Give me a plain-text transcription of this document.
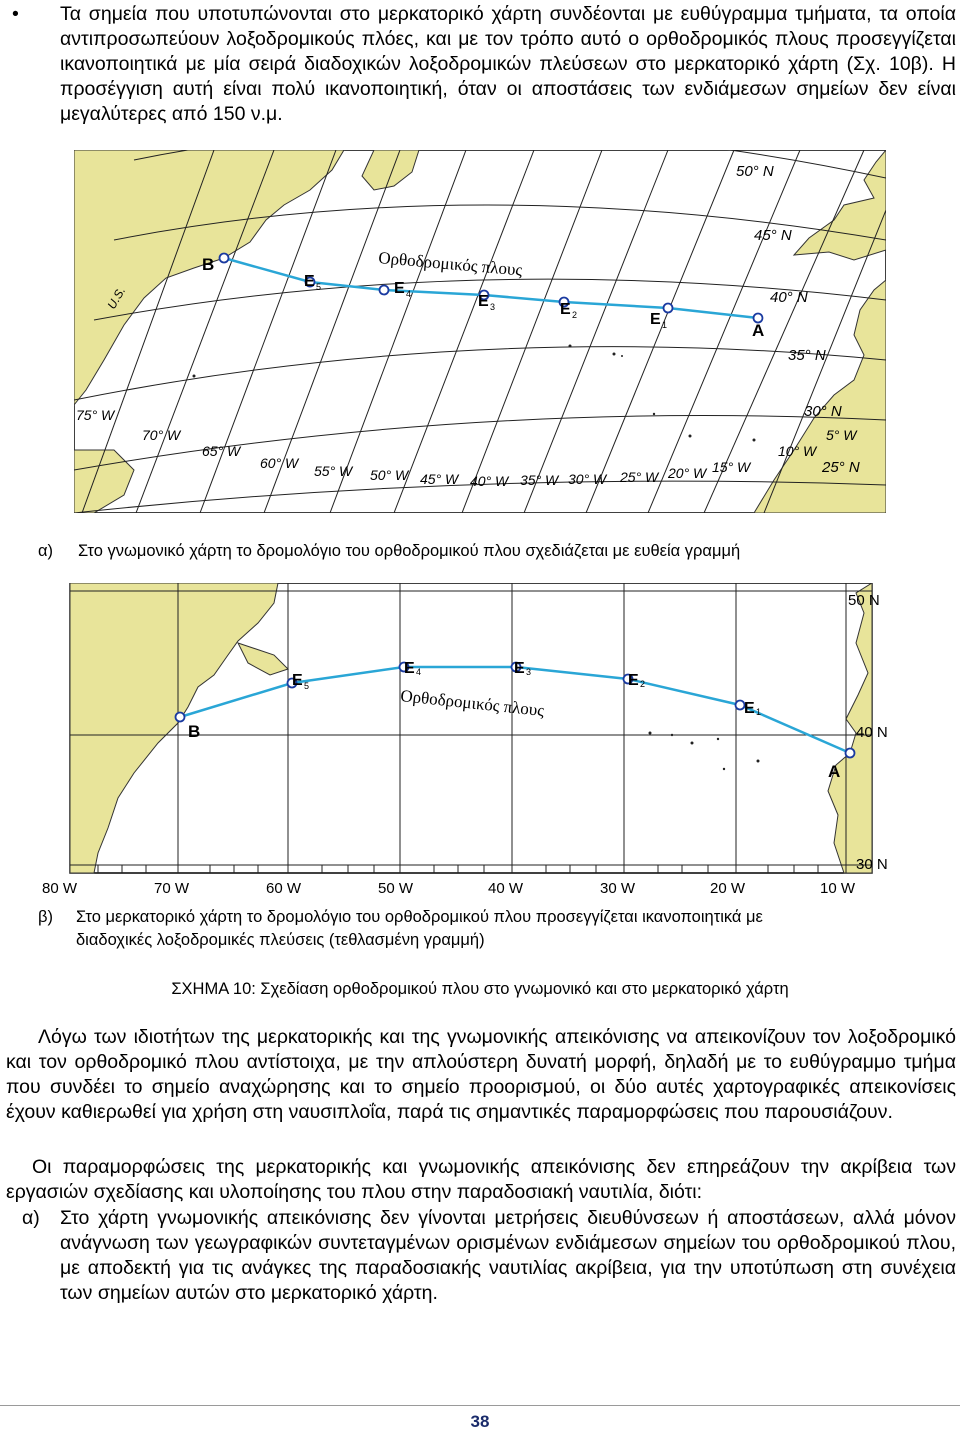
• Τα σημεία που υποτυπώνονται στο μερκατορικό χάρτη συνδέονται με ευθύγραμμα τμήματα, τα οποία αντιπροσωπεύουν λοξοδρομικούς πλόες, και με τον τρόπο αυτό ο ορθοδρομικός πλους προσεγγίζεται ικανοποιητικά με μία σειρά διαδοχικών λοξοδρομικών πλεύσεων στο μερκατορικό χάρτη (Σχ. 10β). Η προσέγγιση αυτή είναι πολύ ικανοποιητική, όταν οι αποστάσεις των ενδιάμεσων σημείων δεν είναι μεγαλύτερες από 150 ν.μ.
B
E 5	E 4	E 3	E 2	E 1	A
Ορθοδρομικός πλους
50° N
45° N
40° N
35° N
30° N
25° N
75° W
70° W
65° W
60° W 55° W 50° W 45° W 40° W 35° W 30° W 25° W 20° W 15° W
10° W
5° W
U.S.
α) Στο γνωμονικό χάρτη το δρομολόγιο του ορθοδρομικού πλου σχεδιάζεται με ευθεία γραμμή
B
E 5
E 4	E 3	E 2
E 1
A
Ορθοδρομικός πλους
50 N
40 N
30 N
80 W	70 W	60 W	50 W	40 W	30 W	20 W	10 W
β) Στο μερκατορικό χάρτη το δρομολόγιο του ορθοδρομικού πλου προσεγγίζεται ικανοποιητικά με
διαδοχικές λοξοδρομικές πλεύσεις (τεθλασμένη γραμμή)
ΣΧΗΜΑ 10: Σχεδίαση ορθοδρομικού πλου στο γνωμονικό και στο μερκατορικό χάρτη
Λόγω των ιδιοτήτων της μερκατορικής και της γνωμονικής απεικόνισης να απεικονίζουν τον λοξοδρομικό και τον ορθοδρομικό πλου αντίστοιχα, με την απλούστερη δυνατή μορφή, δηλαδή με το ευθύγραμμο τμήμα που συνδέει το σημείο αναχώρησης και το σημείο προορισμού, οι δύο αυτές χαρτογραφικές απεικονίσεις έχουν καθιερωθεί για χρήση στη ναυσιπλοΐα, παρά τις σημαντικές παραμορφώσεις που παρουσιάζουν.
Οι παραμορφώσεις της μερκατορικής και γνωμονικής απεικόνισης δεν επηρεάζουν την ακρίβεια των εργασιών σχεδίασης και υλοποίησης του πλου στην παραδοσιακή ναυτιλία, διότι:
α) Στο χάρτη γνωμονικής απεικόνισης δεν γίνονται μετρήσεις διευθύνσεων ή αποστάσεων, αλλά μόνον ανάγνωση των γεωγραφικών συντεταγμένων ορισμένων ενδιάμεσων σημείων του ορθοδρομικού πλου, με αποδεκτή για τις ανάγκες της παραδοσιακής ναυτιλίας ακρίβεια, για την υποτύπωση στη συνέχεια των σημείων αυτών στο μερκατορικό χάρτη.
38
